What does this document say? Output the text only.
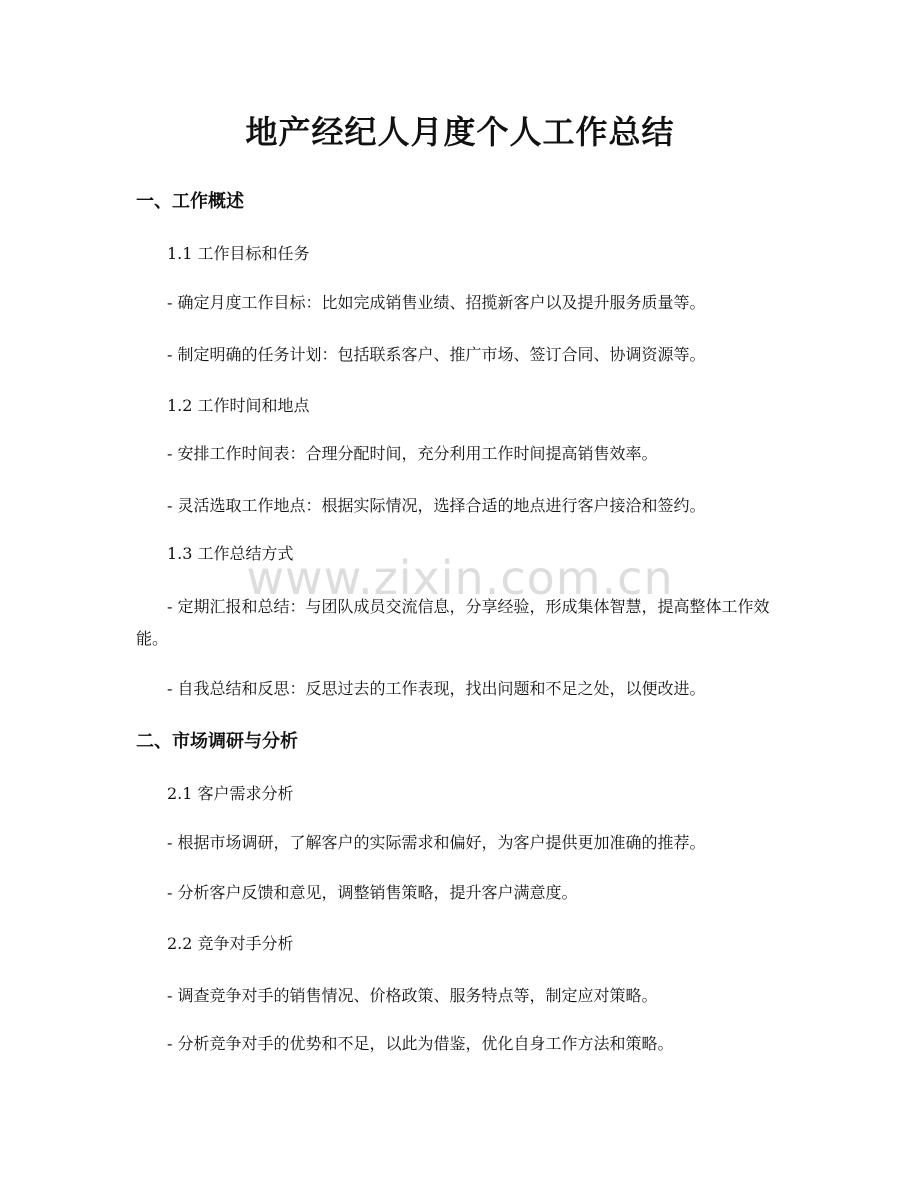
地产经纪人月度个人工作总结
一、工作概述

1.1 工作目标和任务

- 确定月度工作目标：比如完成销售业绩、招揽新客户以及提升服务质量等。

- 制定明确的任务计划：包括联系客户、推广市场、签订合同、协调资源等。

1.2 工作时间和地点

- 安排工作时间表：合理分配时间，充分利用工作时间提高销售效率。

- 灵活选取工作地点：根据实际情况，选择合适的地点进行客户接洽和签约。

1.3 工作总结方式

- 定期汇报和总结：与团队成员交流信息，分享经验，形成集体智慧，提高整体工作效能。

- 自我总结和反思：反思过去的工作表现，找出问题和不足之处，以便改进。

二、市场调研与分析

2.1 客户需求分析

- 根据市场调研，了解客户的实际需求和偏好，为客户提供更加准确的推荐。

- 分析客户反馈和意见，调整销售策略，提升客户满意度。

2.2 竞争对手分析

- 调查竞争对手的销售情况、价格政策、服务特点等，制定应对策略。

- 分析竞争对手的优势和不足，以此为借鉴，优化自身工作方法和策略。

www.zixin.com.cn
